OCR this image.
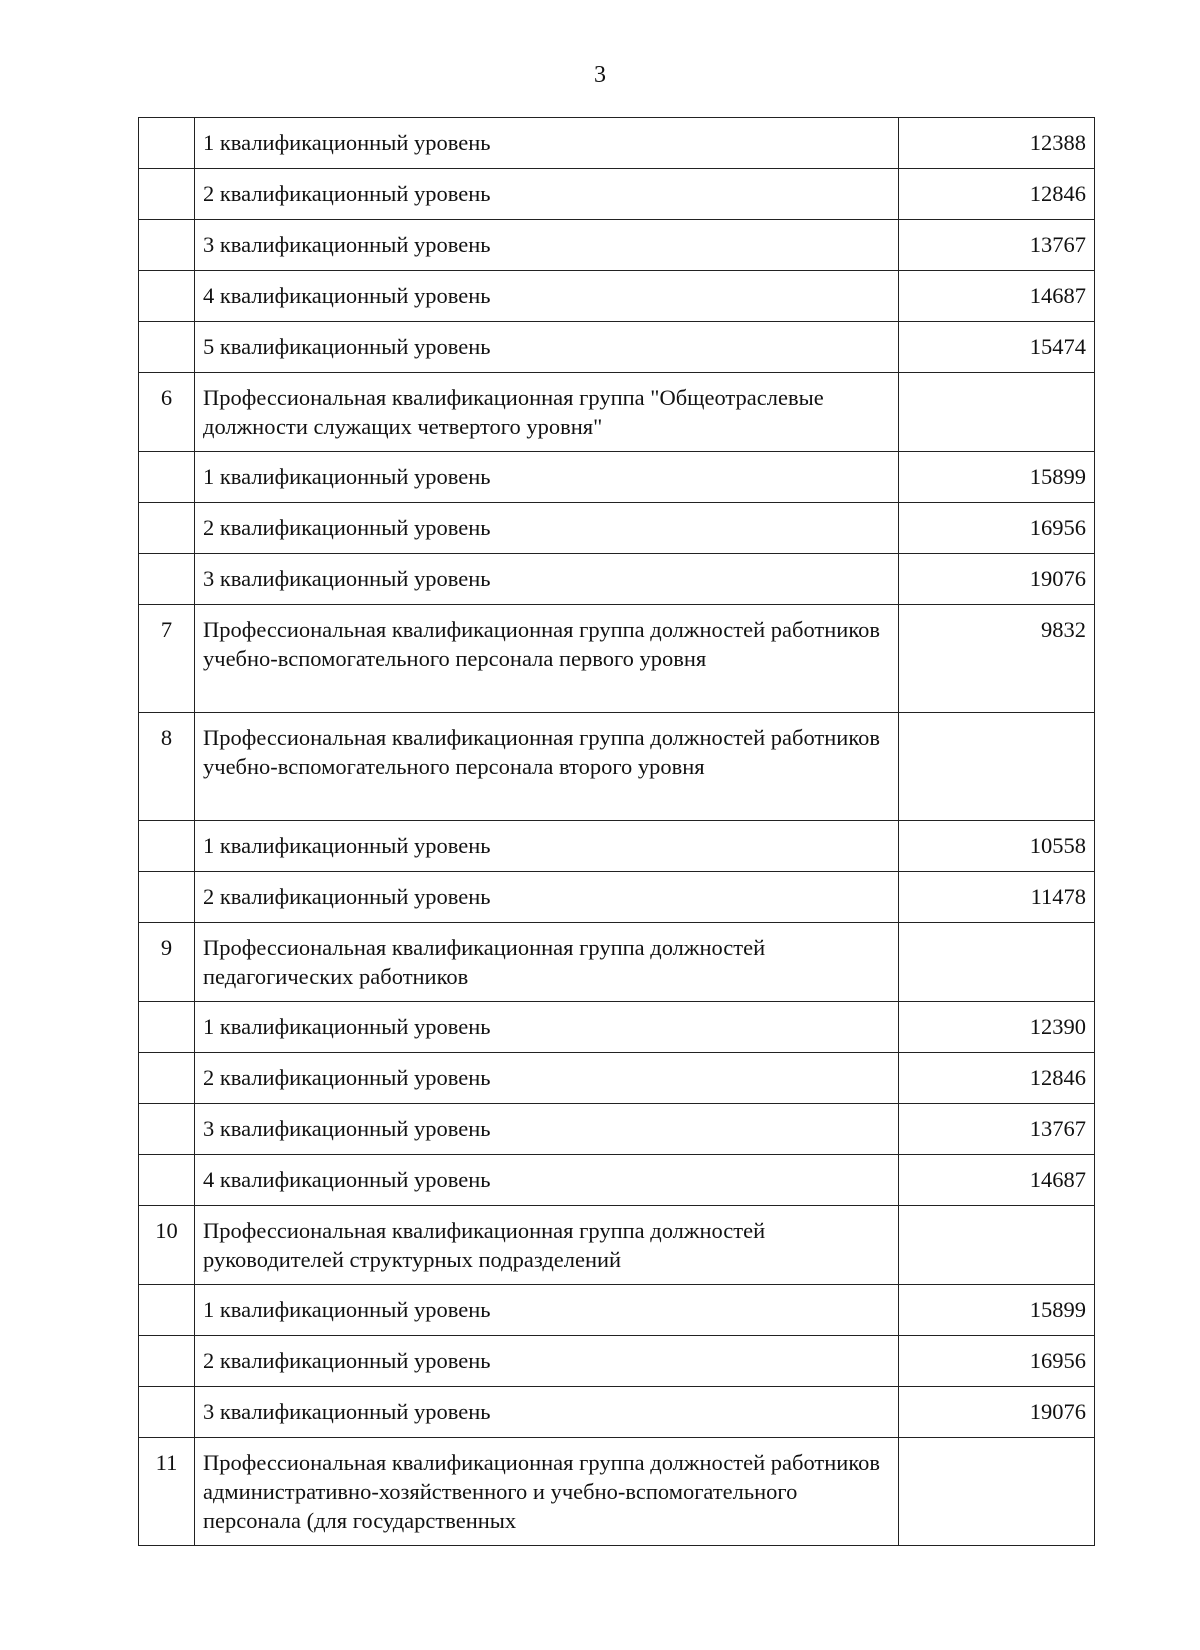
3
	1 квалификационный уровень	12388
	2 квалификационный уровень	12846
	3 квалификационный уровень	13767
	4 квалификационный уровень	14687
	5 квалификационный уровень	15474
6	Профессиональная квалификационная группа "Общеотраслевые должности служащих четвертого уровня"	
	1 квалификационный уровень	15899
	2 квалификационный уровень	16956
	3 квалификационный уровень	19076
7	Профессиональная квалификационная группа должностей работников учебно-вспомогательного персонала первого уровня	9832
8	Профессиональная квалификационная группа должностей работников учебно-вспомогательного персонала второго уровня	
	1 квалификационный уровень	10558
	2 квалификационный уровень	11478
9	Профессиональная квалификационная группа должностей педагогических работников	
	1 квалификационный уровень	12390
	2 квалификационный уровень	12846
	3 квалификационный уровень	13767
	4 квалификационный уровень	14687
10	Профессиональная квалификационная группа должностей руководителей структурных подразделений	
	1 квалификационный уровень	15899
	2 квалификационный уровень	16956
	3 квалификационный уровень	19076
11	Профессиональная квалификационная группа должностей работников административно-хозяйственного и учебно-вспомогательного персонала (для государственных	
